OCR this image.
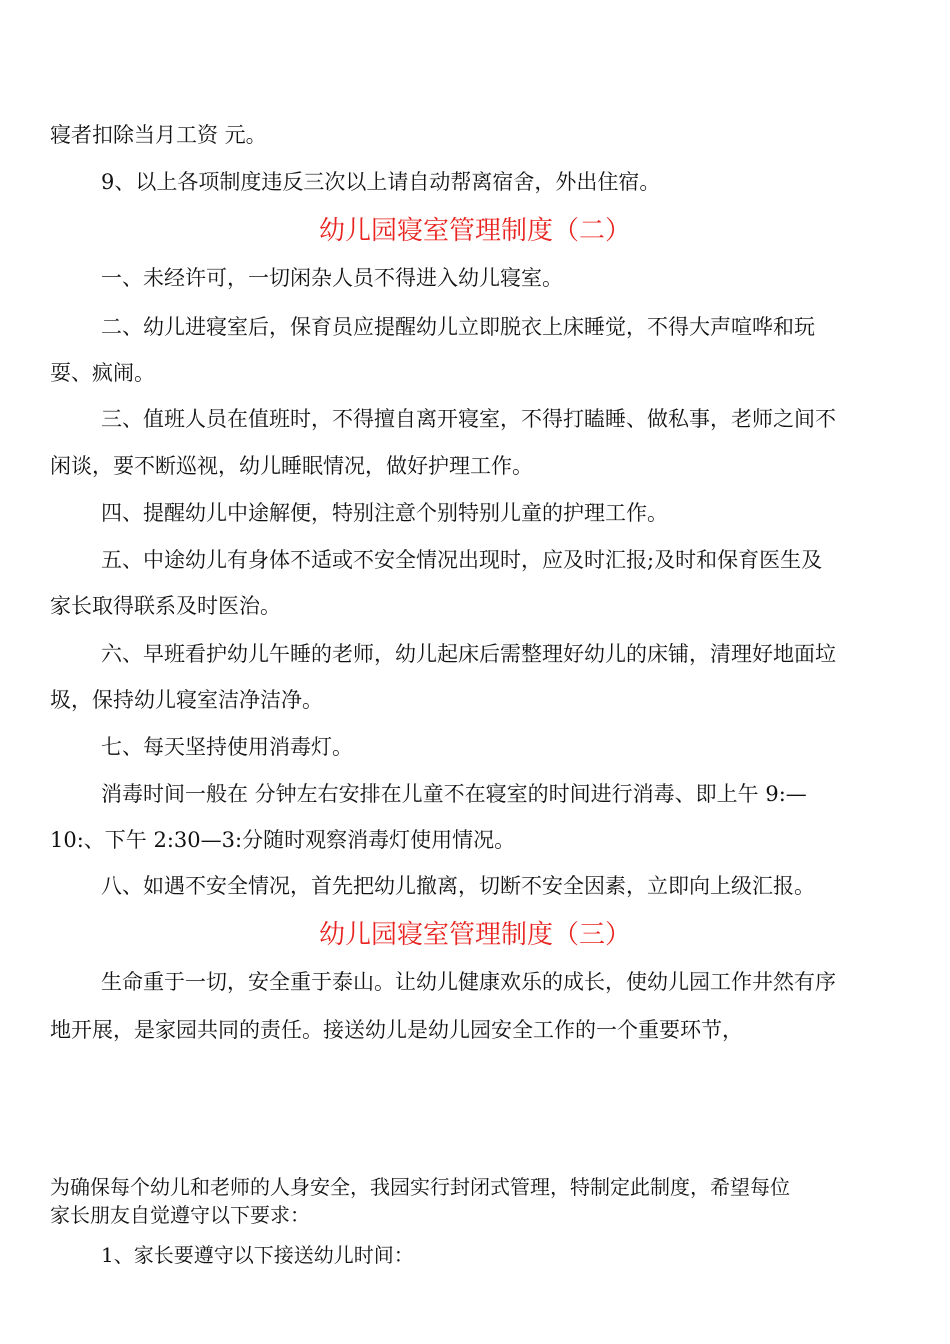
寝者扣除当月工资 元。
9、以上各项制度违反三次以上请自动帮离宿舍，外出住宿。
幼儿园寝室管理制度（二）
一、未经许可，一切闲杂人员不得进入幼儿寝室。
二、幼儿进寝室后，保育员应提醒幼儿立即脱衣上床睡觉，不得大声喧哗和玩
耍、疯闹。
三、值班人员在值班时，不得擅自离开寝室，不得打瞌睡、做私事，老师之间不
闲谈，要不断巡视，幼儿睡眠情况，做好护理工作。
四、提醒幼儿中途解便，特别注意个别特别儿童的护理工作。
五、中途幼儿有身体不适或不安全情况出现时，应及时汇报;及时和保育医生及
家长取得联系及时医治。
六、早班看护幼儿午睡的老师，幼儿起床后需整理好幼儿的床铺，清理好地面垃
圾，保持幼儿寝室洁净洁净。
七、每天坚持使用消毒灯。
消毒时间一般在 分钟左右安排在儿童不在寝室的时间进行消毒、即上午 9:—
10:、下午 2:30—3:分随时观察消毒灯使用情况。
八、如遇不安全情况，首先把幼儿撤离，切断不安全因素，立即向上级汇报。
幼儿园寝室管理制度（三）
生命重于一切，安全重于泰山。让幼儿健康欢乐的成长，使幼儿园工作井然有序
地开展，是家园共同的责任。接送幼儿是幼儿园安全工作的一个重要环节，
为确保每个幼儿和老师的人身安全，我园实行封闭式管理，特制定此制度，希望每位
家长朋友自觉遵守以下要求：
1、家长要遵守以下接送幼儿时间：
